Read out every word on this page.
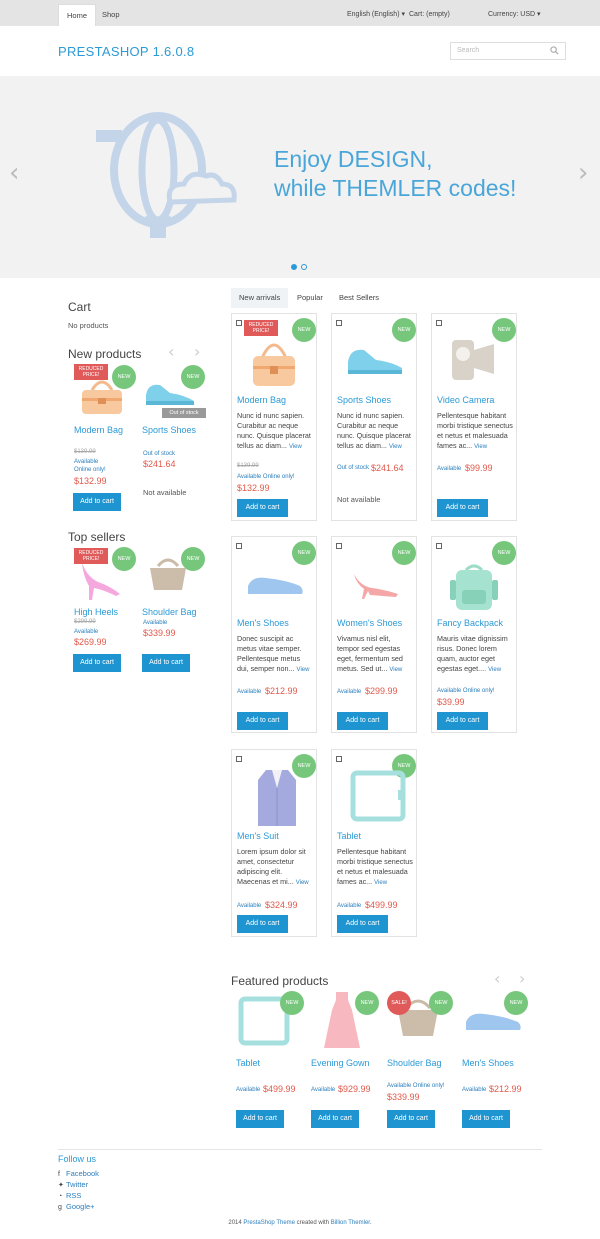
Home	Shop	English (English) ▾ Cart: (empty)	Currency: USD ▾
PRESTASHOP 1.6.0.8	Search
‹	›
Enjoy DESIGN,
while THEMLER codes!
Cart
No products
New products ‹ ›
REDUCED PRICE!	NEW
Modern Bag
$139.99
Available
Online only!
$132.99
Add to cart
Out of stock
NEW
Sports Shoes
Out of stock
$241.64
Not available
Top sellers
REDUCED PRICE!	NEW
High Heels
$299.99
Available
$269.99
Add to cart
NEW
Shoulder Bag
Available
$339.99
Add to cart
New arrivals	Popular	Best Sellers
REDUCED PRICE!	NEW
Modern Bag
Nunc id nunc sapien. Curabitur ac neque nunc. Quisque placerat tellus ac diam... View
$139.99
Available Online only!
$132.99
Add to cart
NEW
Sports Shoes
Nunc id nunc sapien. Curabitur ac neque nunc. Quisque placerat tellus ac diam... View
Out of stock $241.64
Not available
NEW
Video Camera
Pellentesque habitant morbi tristique senectus et netus et malesuada fames ac... View
Available $99.99
Add to cart
NEW
Men's Shoes
Donec suscipit ac metus vitae semper. Pellentesque metus dui, semper non... View
Available $212.99
Add to cart
NEW
Women's Shoes
Vivamus nisl elit, tempor sed egestas eget, fermentum sed metus. Sed ut... View
Available $299.99
Add to cart
NEW
Fancy Backpack
Mauris vitae dignissim risus. Donec lorem quam, auctor eget egestas eget.... View
Available Online only!
$39.99
Add to cart
NEW
Men's Suit
Lorem ipsum dolor sit amet, consectetur adipiscing elit. Maecenas et mi... View
Available $324.99
Add to cart
NEW
Tablet
Pellentesque habitant morbi tristique senectus et netus et malesuada fames ac... View
Available $499.99
Add to cart
Featured products	‹ ›
NEW
Tablet
Available $499.99
Add to cart
NEW
Evening Gown
Available $929.99
Add to cart
SALE!	NEW
Shoulder Bag
Available Online only!
$339.99
Add to cart
NEW
Men's Shoes
Available $212.99
Add to cart
Follow us
f Facebook
✦ Twitter
◔ RSS
g Google+
2014 PrestaShop Theme created with Billion Themler.
